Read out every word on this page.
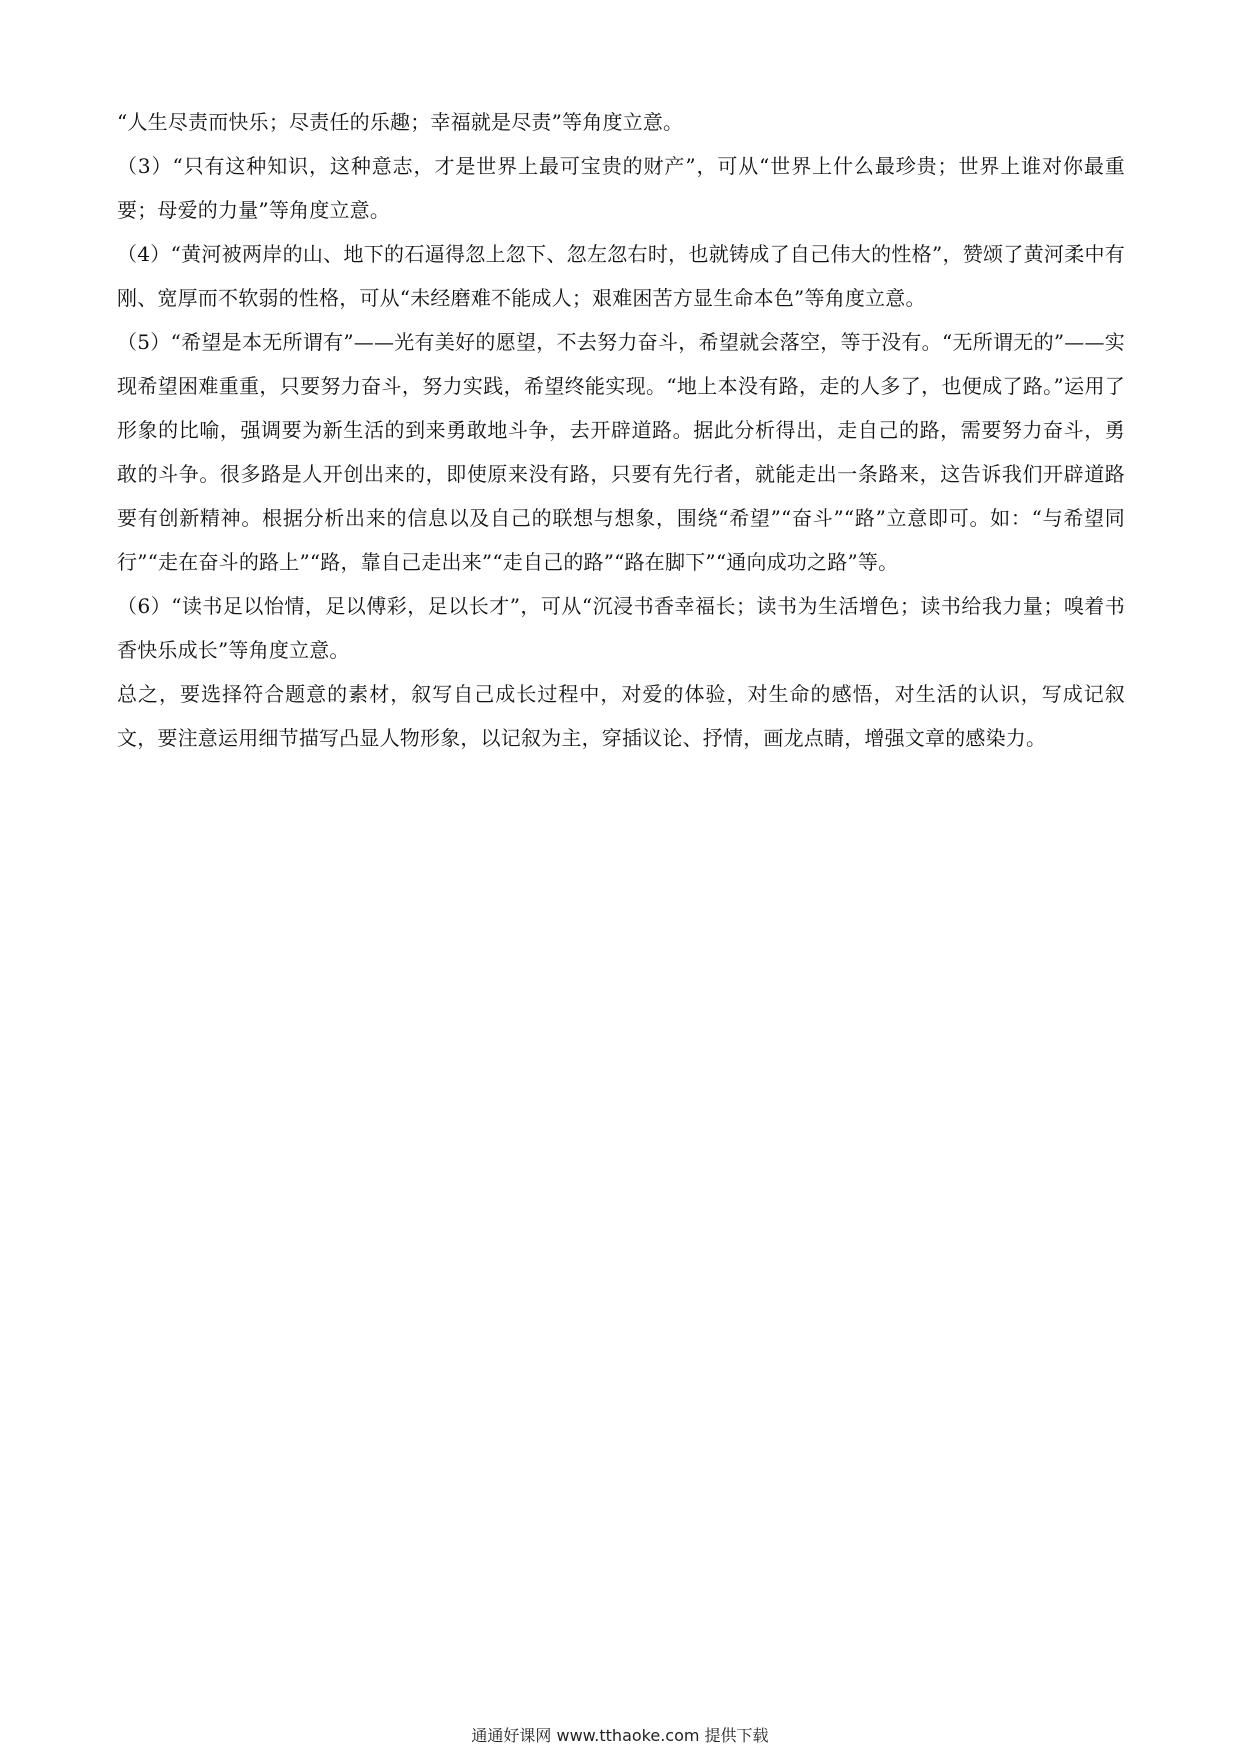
“人生尽责而快乐；尽责任的乐趣；幸福就是尽责”等角度立意。

（3）“只有这种知识，这种意志，才是世界上最可宝贵的财产”，可从“世界上什么最珍贵；世界上谁对你最重要；母爱的力量”等角度立意。

（4）“黄河被两岸的山、地下的石逼得忽上忽下、忽左忽右时，也就铸成了自己伟大的性格”，赞颂了黄河柔中有刚、宽厚而不软弱的性格，可从“未经磨难不能成人；艰难困苦方显生命本色”等角度立意。

（5）“希望是本无所谓有”——光有美好的愿望，不去努力奋斗，希望就会落空，等于没有。“无所谓无的”——实现希望困难重重，只要努力奋斗，努力实践，希望终能实现。“地上本没有路，走的人多了，也便成了路。”运用了形象的比喻，强调要为新生活的到来勇敢地斗争，去开辟道路。据此分析得出，走自己的路，需要努力奋斗，勇敢的斗争。很多路是人开创出来的，即使原来没有路，只要有先行者，就能走出一条路来，这告诉我们开辟道路要有创新精神。根据分析出来的信息以及自己的联想与想象，围绕“希望”“奋斗”“路”立意即可。如：“与希望同行”“走在奋斗的路上”“路，靠自己走出来”“走自己的路”“路在脚下”“通向成功之路”等。

（6）“读书足以怡情，足以傅彩，足以长才”，可从“沉浸书香幸福长；读书为生活增色；读书给我力量；嗅着书香快乐成长”等角度立意。

总之，要选择符合题意的素材，叙写自己成长过程中，对爱的体验，对生命的感悟，对生活的认识，写成记叙文，要注意运用细节描写凸显人物形象，以记叙为主，穿插议论、抒情，画龙点睛，增强文章的感染力。

通通好课网 www.tthaoke.com 提供下载
